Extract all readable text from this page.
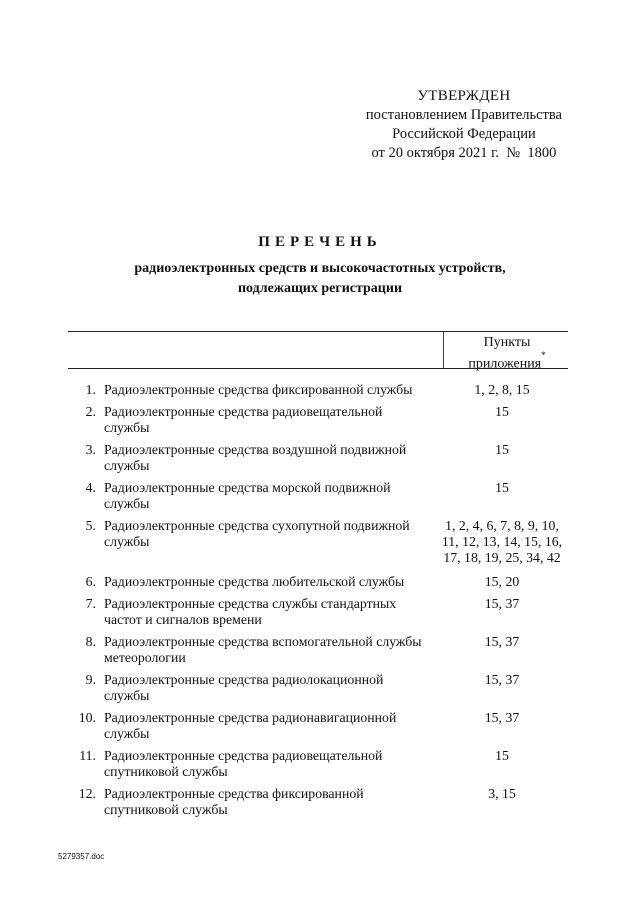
УТВЕРЖДЕН
постановлением Правительства
Российской Федерации
от 20 октября 2021 г.  №  1800
ПЕРЕЧЕНЬ
радиоэлектронных средств и высокочастотных устройств,
подлежащих регистрации
Пункты
приложения*
1. Радиоэлектронные средства фиксированной службы	1, 2, 8, 15
2. Радиоэлектронные средства радиовещательной службы
15
3. Радиоэлектронные средства воздушной подвижной службы
15
4. Радиоэлектронные средства морской подвижной службы
15
5. Радиоэлектронные средства сухопутной подвижной службы
1, 2, 4, 6, 7, 8, 9, 10, 11, 12, 13, 14, 15, 16, 17, 18, 19, 25, 34, 42
6. Радиоэлектронные средства любительской службы	15, 20
7. Радиоэлектронные средства службы стандартных частот и сигналов времени
15, 37
8. Радиоэлектронные средства вспомогательной службы метеорологии
15, 37
9. Радиоэлектронные средства радиолокационной службы
15, 37
10. Радиоэлектронные средства радионавигационной службы
15, 37
11. Радиоэлектронные средства радиовещательной спутниковой службы
15
12. Радиоэлектронные средства фиксированной спутниковой службы
3, 15
5279357.doc
